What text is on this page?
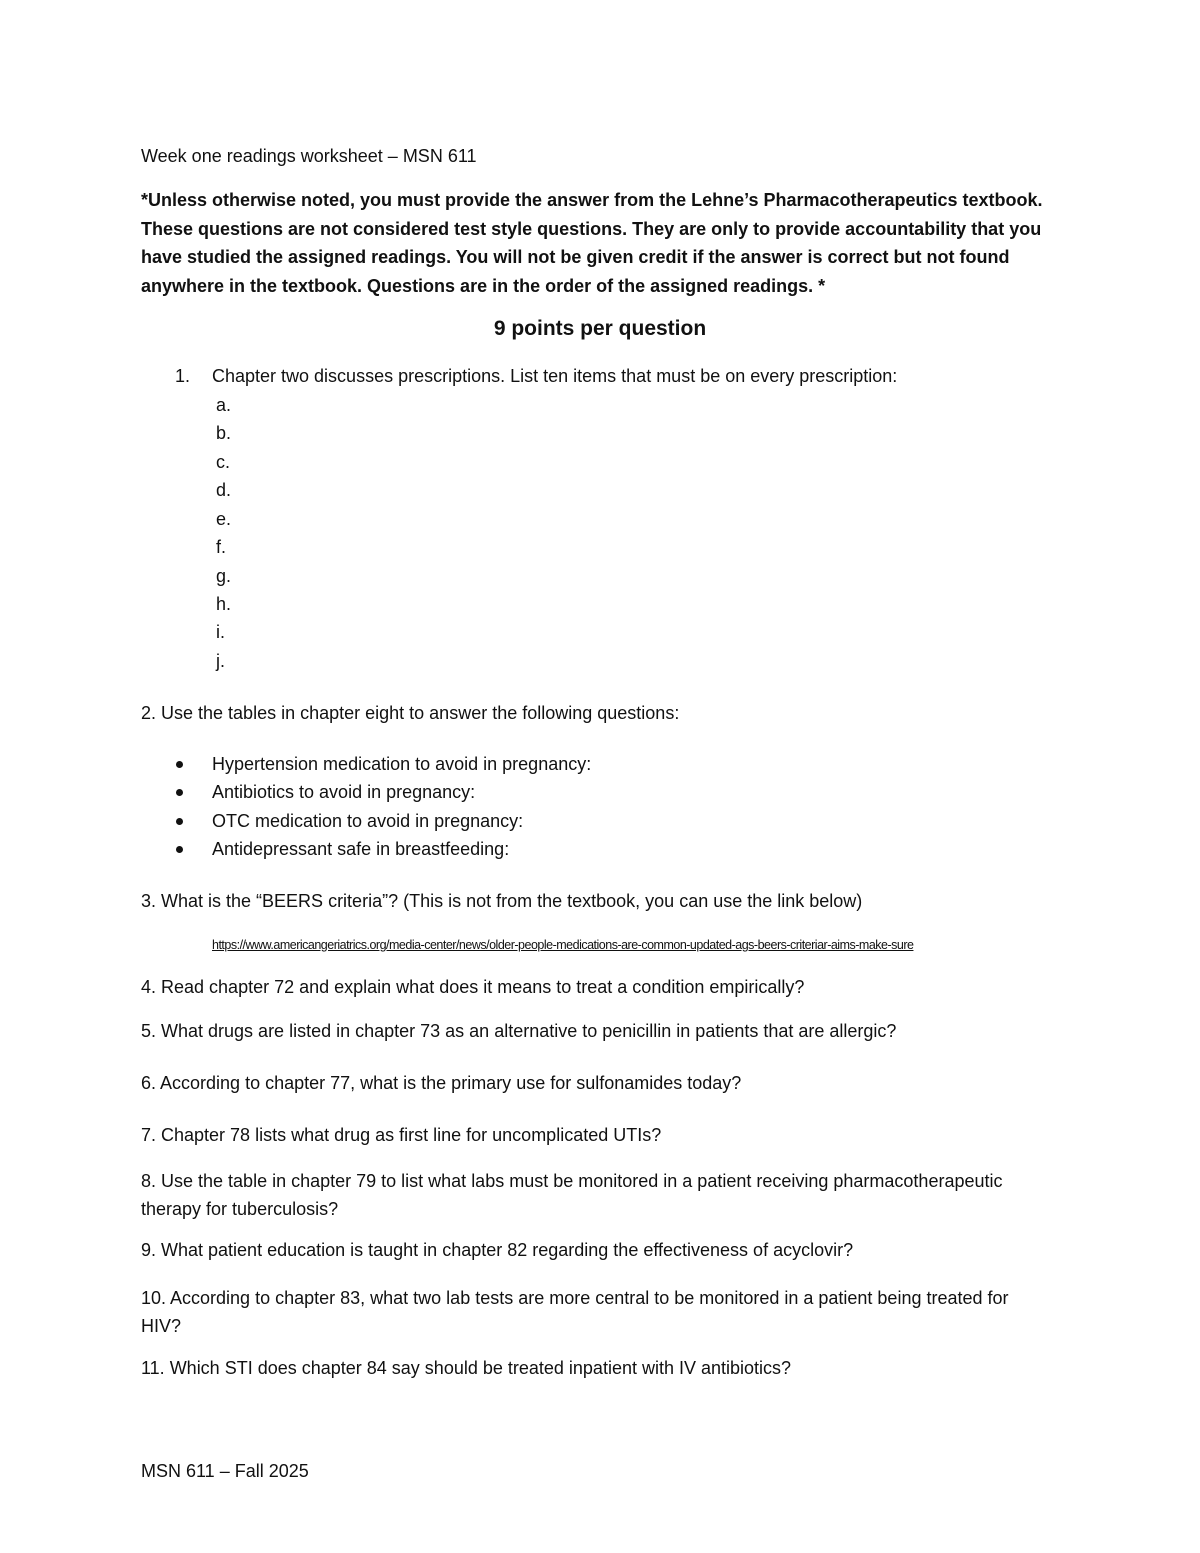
Week one readings worksheet – MSN 611
*Unless otherwise noted, you must provide the answer from the Lehne’s Pharmacotherapeutics textbook. These questions are not considered test style questions. They are only to provide accountability that you have studied the assigned readings. You will not be given credit if the answer is correct but not found anywhere in the textbook. Questions are in the order of the assigned readings. *
9 points per question
1. Chapter two discusses prescriptions. List ten items that must be on every prescription:
a.
b.
c.
d.
e.
f.
g.
h.
i.
j.
2. Use the tables in chapter eight to answer the following questions:
Hypertension medication to avoid in pregnancy:
Antibiotics to avoid in pregnancy:
OTC medication to avoid in pregnancy:
Antidepressant safe in breastfeeding:
3. What is the “BEERS criteria”? (This is not from the textbook, you can use the link below)
https://www.americangeriatrics.org/media-center/news/older-people-medications-are-common-updated-ags-beers-criteriar-aims-make-sure
4. Read chapter 72 and explain what does it means to treat a condition empirically?
5. What drugs are listed in chapter 73 as an alternative to penicillin in patients that are allergic?
6. According to chapter 77, what is the primary use for sulfonamides today?
7. Chapter 78 lists what drug as first line for uncomplicated UTIs?
8. Use the table in chapter 79 to list what labs must be monitored in a patient receiving pharmacotherapeutic therapy for tuberculosis?
9. What patient education is taught in chapter 82 regarding the effectiveness of acyclovir?
10. According to chapter 83, what two lab tests are more central to be monitored in a patient being treated for HIV?
11. Which STI does chapter 84 say should be treated inpatient with IV antibiotics?
MSN 611 – Fall 2025
